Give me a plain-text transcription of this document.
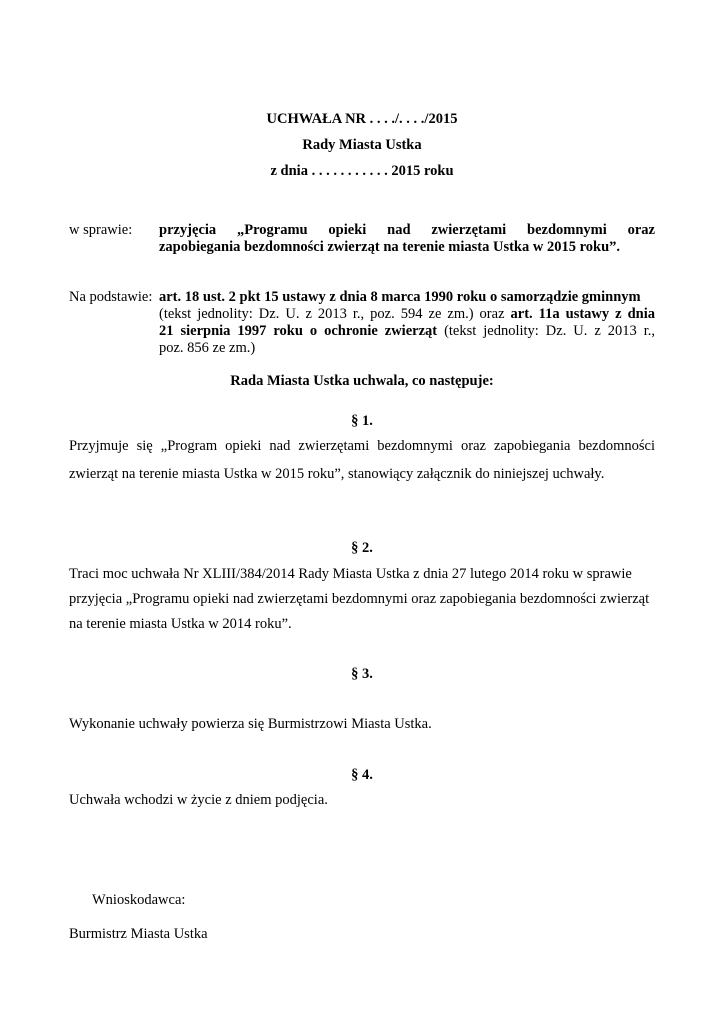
UCHWAŁA NR . . . ./. . . ./2015
Rady Miasta Ustka
z dnia . . . . . . . . . . . 2015 roku
w sprawie: przyjęcia „Programu opieki nad zwierzętami bezdomnymi oraz
zapobiegania bezdomności zwierząt na terenie miasta Ustka w 2015 roku”.
Na podstawie: art. 18 ust. 2 pkt 15 ustawy z dnia 8 marca 1990 roku o samorządzie gminnym
(tekst jednolity: Dz. U. z 2013 r., poz. 594 ze zm.) oraz art. 11a ustawy z dnia
21 sierpnia 1997 roku o ochronie zwierząt (tekst jednolity: Dz. U. z 2013 r.,
poz. 856 ze zm.)
Rada Miasta Ustka uchwala, co następuje:
§ 1.
Przyjmuje się „Program opieki nad zwierzętami bezdomnymi oraz zapobiegania bezdomności
zwierząt na terenie miasta Ustka w 2015 roku”, stanowiący załącznik do niniejszej uchwały.
§ 2.
Traci moc uchwała Nr XLIII/384/2014 Rady Miasta Ustka z dnia 27 lutego 2014 roku w sprawie
przyjęcia „Programu opieki nad zwierzętami bezdomnymi oraz zapobiegania bezdomności zwierząt
na terenie miasta Ustka w 2014 roku”.
§ 3.
Wykonanie uchwały powierza się Burmistrzowi Miasta Ustka.
§ 4.
Uchwała wchodzi w życie z dniem podjęcia.
Wnioskodawca:
Burmistrz Miasta Ustka
